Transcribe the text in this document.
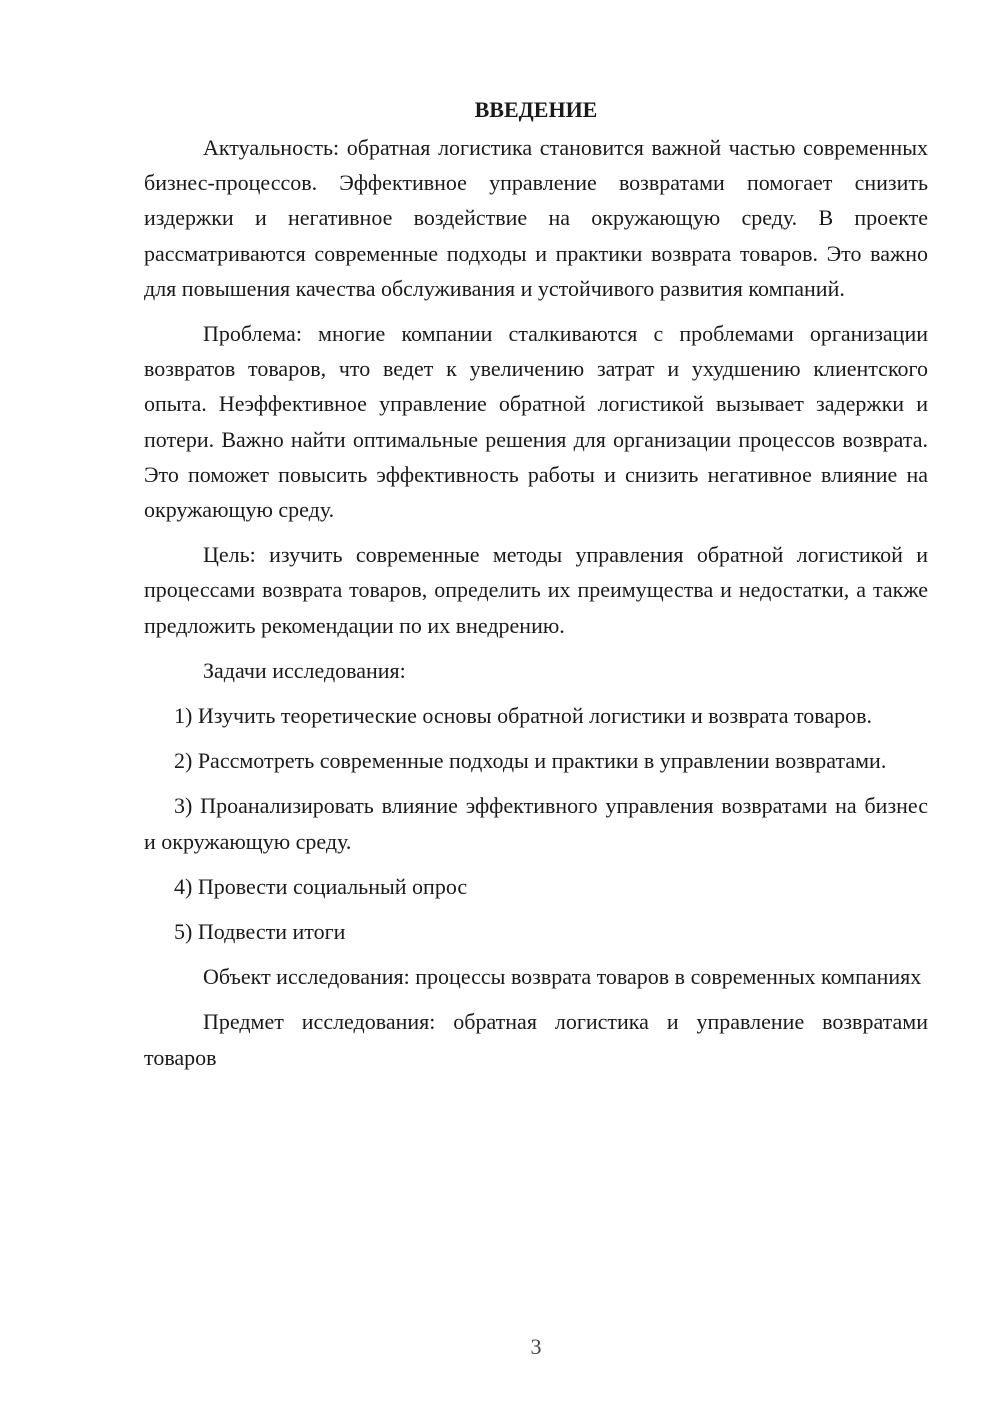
ВВЕДЕНИЕ

Актуальность: обратная логистика становится важной частью современных бизнес-процессов. Эффективное управление возвратами помогает снизить издержки и негативное воздействие на окружающую среду. В проекте рассматриваются современные подходы и практики возврата товаров. Это важно для повышения качества обслуживания и устойчивого развития компаний.

Проблема: многие компании сталкиваются с проблемами организации возвратов товаров, что ведет к увеличению затрат и ухудшению клиентского опыта. Неэффективное управление обратной логистикой вызывает задержки и потери. Важно найти оптимальные решения для организации процессов возврата. Это поможет повысить эффективность работы и снизить негативное влияние на окружающую среду.

Цель: изучить современные методы управления обратной логистикой и процессами возврата товаров, определить их преимущества и недостатки, а также предложить рекомендации по их внедрению.

Задачи исследования:

1) Изучить теоретические основы обратной логистики и возврата товаров.

2) Рассмотреть современные подходы и практики в управлении возвратами.

3) Проанализировать влияние эффективного управления возвратами на бизнес и окружающую среду.

4) Провести социальный опрос

5) Подвести итоги

Объект исследования: процессы возврата товаров в современных компаниях

Предмет исследования: обратная логистика и управление возвратами товаров

3
